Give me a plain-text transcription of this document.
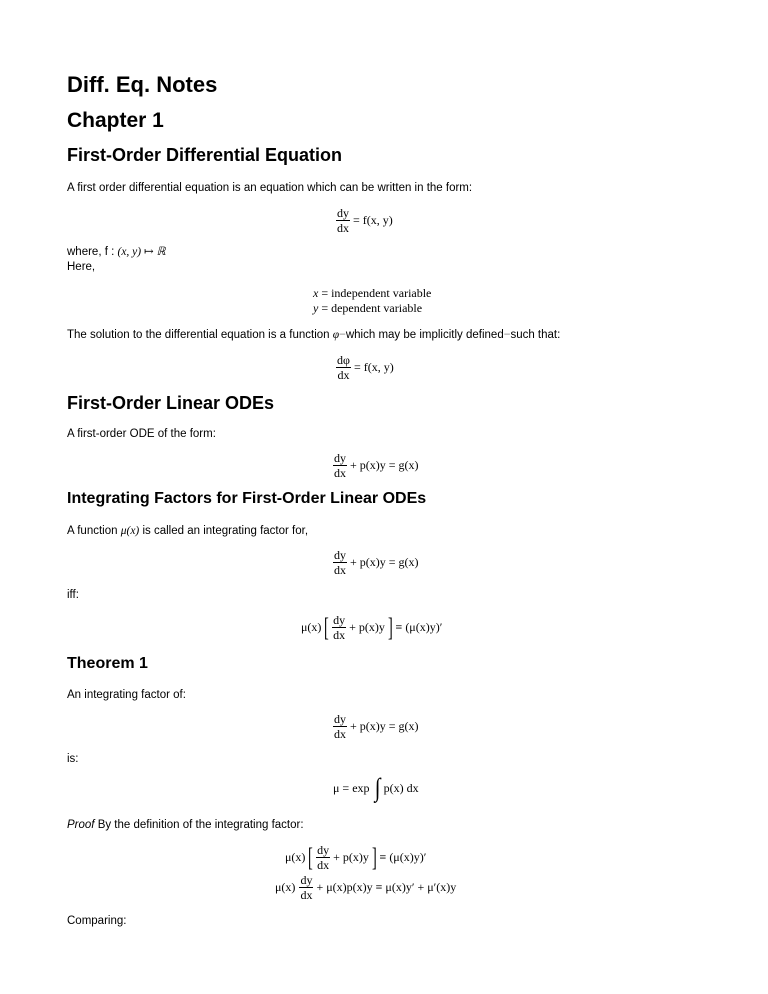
Diff. Eq. Notes
Chapter 1
First-Order Differential Equation
A first order differential equation is an equation which can be written in the form:
$\frac{dy}{dx} = f(x$, y)
where, f : (x, y) ↦ ℝ
Here,
x = independent variable
y = dependent variable
The solution to the differential equation is a function φ−which may be implicitly defined−such that:
$\frac{d\varphi}{dx} = f(x$, y)
First-Order Linear ODEs
A first-order ODE of the form:
$\frac{dy}{dx} + p(x)y = g(x)$
Integrating Factors for First-Order Linear ODEs
A function μ(x) is called an integrating factor for,
$\frac{dy}{dx} + p(x)y = g(x)$
iff:
μ(x) [ $\frac{dy}{dx} + p(x)y$ ] ≡ (μ(x)y)′
Theorem 1
An integrating factor of:
$\frac{dy}{dx} + p(x)y = g(x)$
is:
μ = exp ∫ p(x) dx
Proof By the definition of the integrating factor:
μ(x) [ $\frac{dy}{dx} + p(x)y$ ] ≡ (μ(x)y)′
$\mu(x) \frac{dy}{dx} + \mu(x)p(x)y \equiv \mu(x)y' + \mu'(x)y$
Comparing:
